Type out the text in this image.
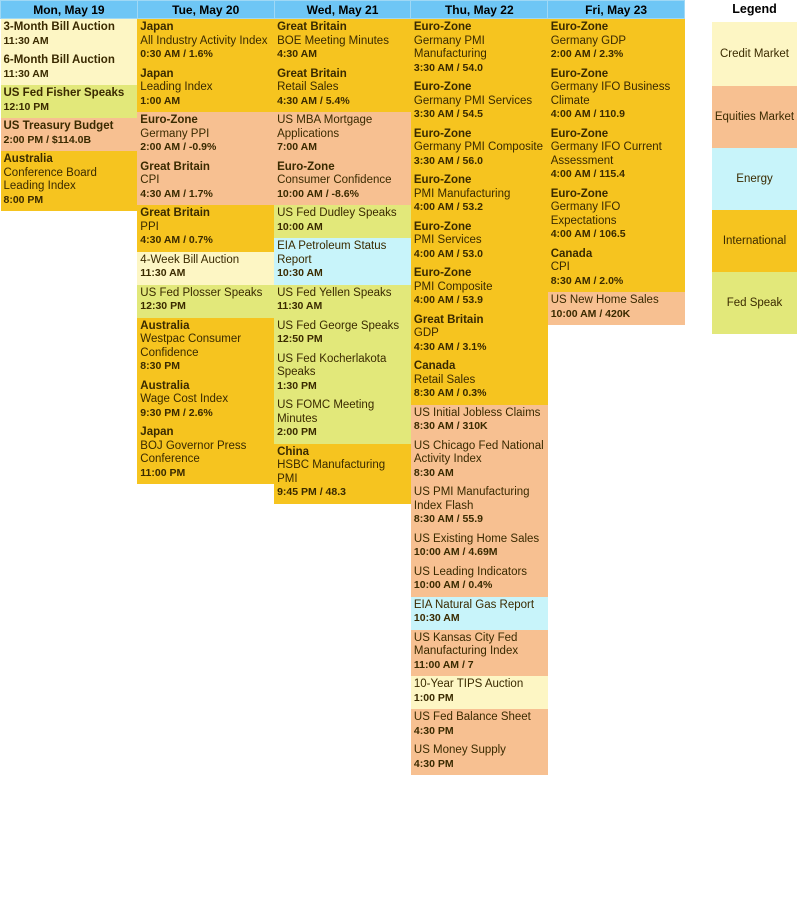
Mon, May 19	Tue, May 20	Wed, May 21	Thu, May 22	Fri, May 23

3-Month Bill Auction
11:30 AM
6-Month Bill Auction
11:30 AM
US Fed Fisher Speaks
12:10 PM
US Treasury Budget
2:00 PM / $114.0B
Australia
Conference Board Leading Index
8:00 PM

Japan
All Industry Activity Index
0:30 AM / 1.6%
Japan
Leading Index
1:00 AM
Euro-Zone
Germany PPI
2:00 AM / -0.9%
Great Britain
CPI
4:30 AM / 1.7%
Great Britain
PPI
4:30 AM / 0.7%
4-Week Bill Auction
11:30 AM
US Fed Plosser Speaks
12:30 PM
Australia
Westpac Consumer Confidence
8:30 PM
Australia
Wage Cost Index
9:30 PM / 2.6%
Japan
BOJ Governor Press Conference
11:00 PM

Great Britain
BOE Meeting Minutes
4:30 AM
Great Britain
Retail Sales
4:30 AM / 5.4%
US MBA Mortgage Applications
7:00 AM
Euro-Zone
Consumer Confidence
10:00 AM / -8.6%
US Fed Dudley Speaks
10:00 AM
EIA Petroleum Status Report
10:30 AM
US Fed Yellen Speaks
11:30 AM
US Fed George Speaks
12:50 PM
US Fed Kocherlakota Speaks
1:30 PM
US FOMC Meeting Minutes
2:00 PM
China
HSBC Manufacturing PMI
9:45 PM / 48.3

Euro-Zone
Germany PMI Manufacturing
3:30 AM / 54.0
Euro-Zone
Germany PMI Services
3:30 AM / 54.5
Euro-Zone
Germany PMI Composite
3:30 AM / 56.0
Euro-Zone
PMI Manufacturing
4:00 AM / 53.2
Euro-Zone
PMI Services
4:00 AM / 53.0
Euro-Zone
PMI Composite
4:00 AM / 53.9
Great Britain
GDP
4:30 AM / 3.1%
Canada
Retail Sales
8:30 AM / 0.3%
US Initial Jobless Claims
8:30 AM / 310K
US Chicago Fed National Activity Index
8:30 AM
US PMI Manufacturing Index Flash
8:30 AM / 55.9
US Existing Home Sales
10:00 AM / 4.69M
US Leading Indicators
10:00 AM / 0.4%
EIA Natural Gas Report
10:30 AM
US Kansas City Fed Manufacturing Index
11:00 AM / 7
10-Year TIPS Auction
1:00 PM
US Fed Balance Sheet
4:30 PM
US Money Supply
4:30 PM

Euro-Zone
Germany GDP
2:00 AM / 2.3%
Euro-Zone
Germany IFO Business Climate
4:00 AM / 110.9
Euro-Zone
Germany IFO Current Assessment
4:00 AM / 115.4
Euro-Zone
Germany IFO Expectations
4:00 AM / 106.5
Canada
CPI
8:30 AM / 2.0%
US New Home Sales
10:00 AM / 420K
Legend
Credit Market
Equities Market
Energy
International
Fed Speak
